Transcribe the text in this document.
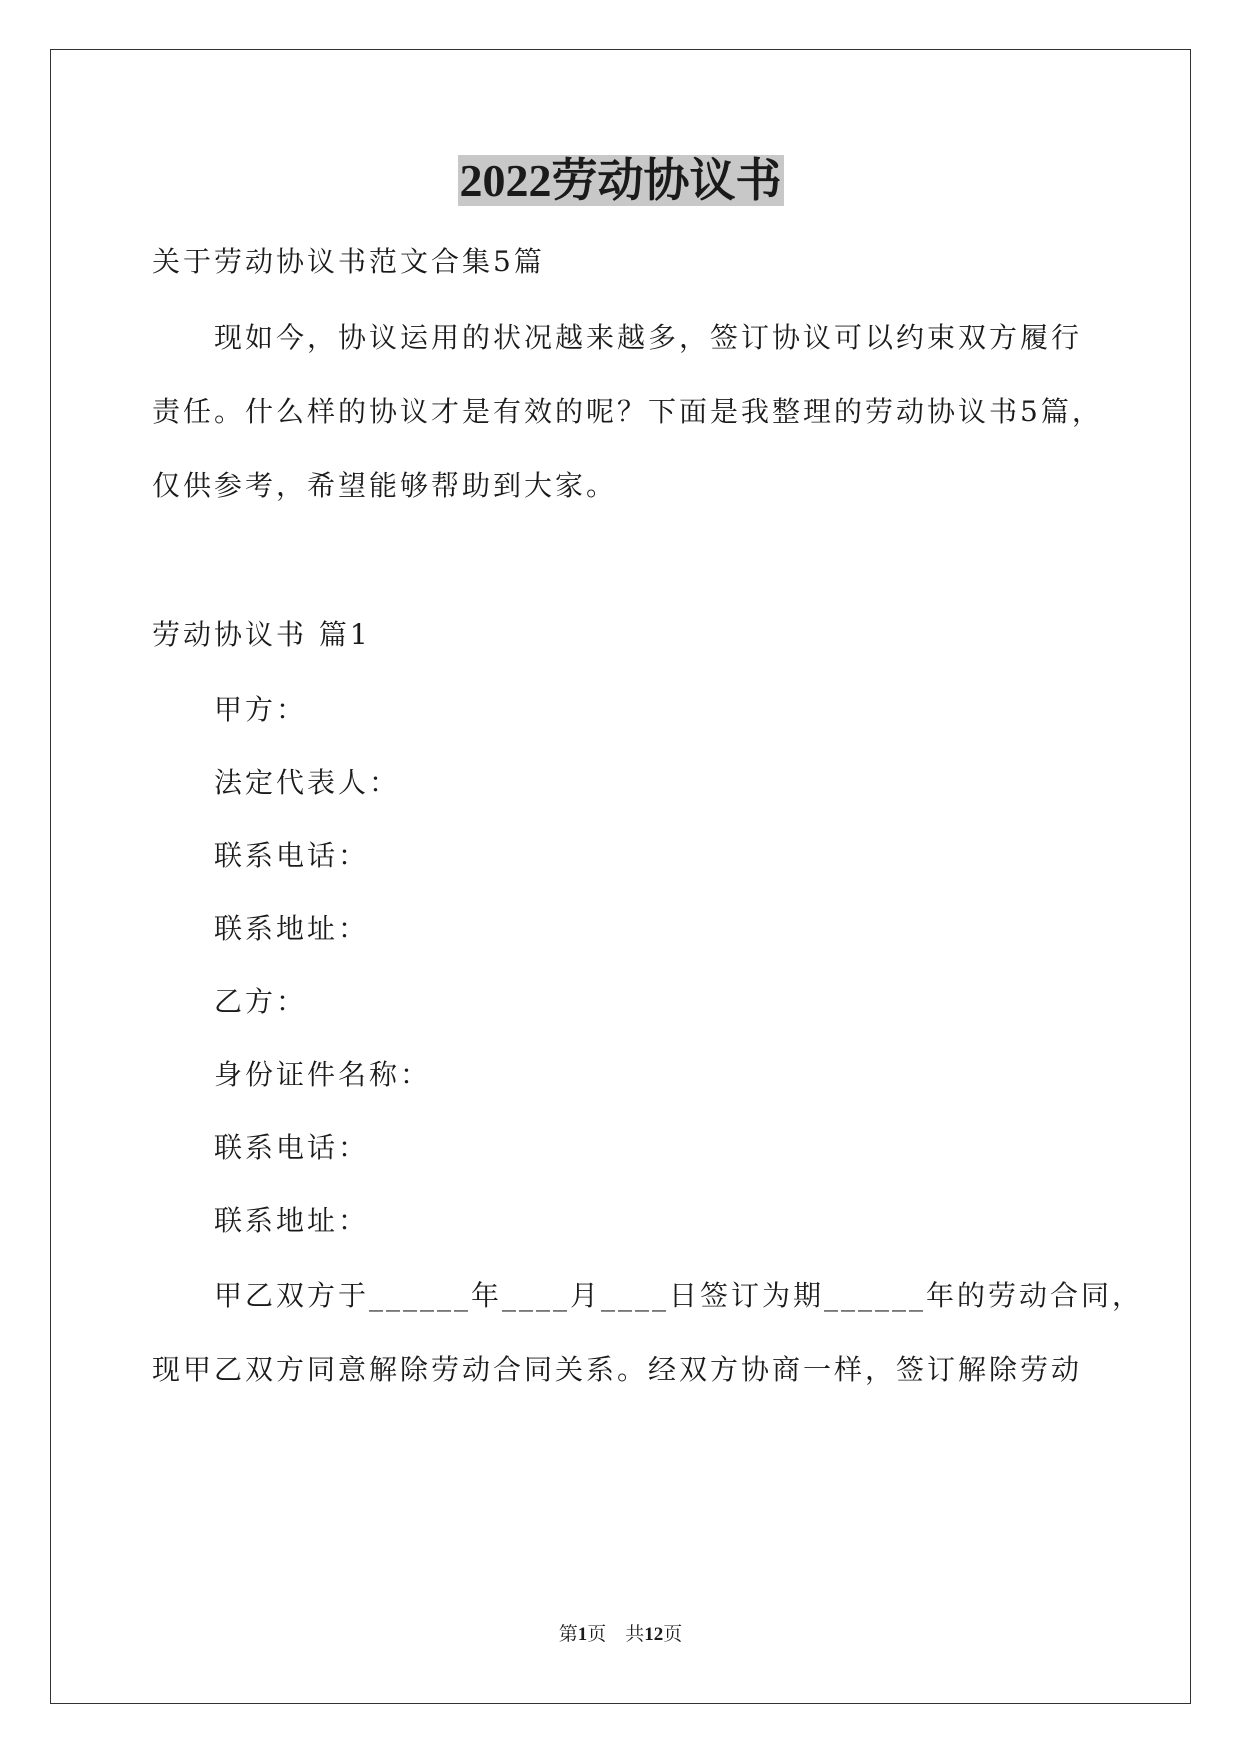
2022劳动协议书
关于劳动协议书范文合集5篇
现如今，协议运用的状况越来越多，签订协议可以约束双方履行
责任。什么样的协议才是有效的呢？下面是我整理的劳动协议书5篇，
仅供参考，希望能够帮助到大家。
劳动协议书 篇1
甲方：
法定代表人：
联系电话：
联系地址：
乙方：
身份证件名称：
联系电话：
联系地址：
甲乙双方于______年____月____日签订为期______年的劳动合同，
现甲乙双方同意解除劳动合同关系。经双方协商一样，签订解除劳动
第1页　共12页
